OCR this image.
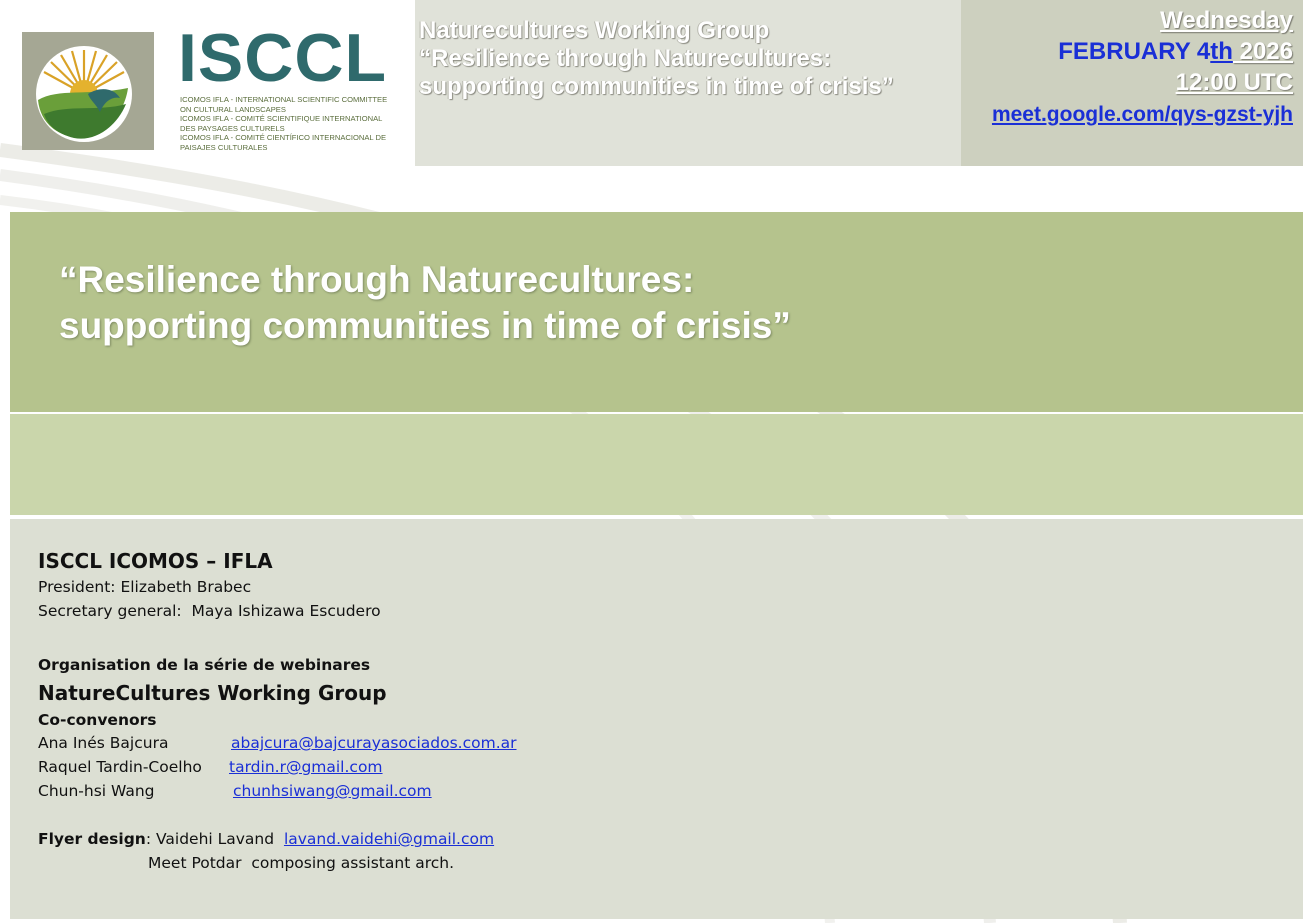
ISCCL
ICOMOS IFLA - INTERNATIONAL SCIENTIFIC COMMITTEE
ON CULTURAL LANDSCAPES
ICOMOS IFLA - COMITÉ SCIENTIFIQUE INTERNATIONAL
DES PAYSAGES CULTURELS
ICOMOS IFLA - COMITÉ CIENTÍFICO INTERNACIONAL DE
PAISAJES CULTURALES
Naturecultures Working Group
“Resilience through Naturecultures:
supporting communities in time of crisis”
Wednesday
FEBRUARY 4th 2026
12:00 UTC
meet.google.com/qys-gzst-yjh
“Resilience through Naturecultures:
supporting communities in time of crisis”
ISCCL ICOMOS – IFLA
President: Elizabeth Brabec
Secretary general:  Maya Ishizawa Escudero
Organisation de la série de webinares
NatureCultures Working Group
Co-convenors
Ana Inés Bajcura	abajcura@bajcurayasociados.com.ar
Raquel Tardin-Coelho tardin.r@gmail.com
Chun-hsi Wang	chunhsiwang@gmail.com
Flyer design: Vaidehi Lavand  lavand.vaidehi@gmail.com
Meet Potdar  composing assistant arch.
